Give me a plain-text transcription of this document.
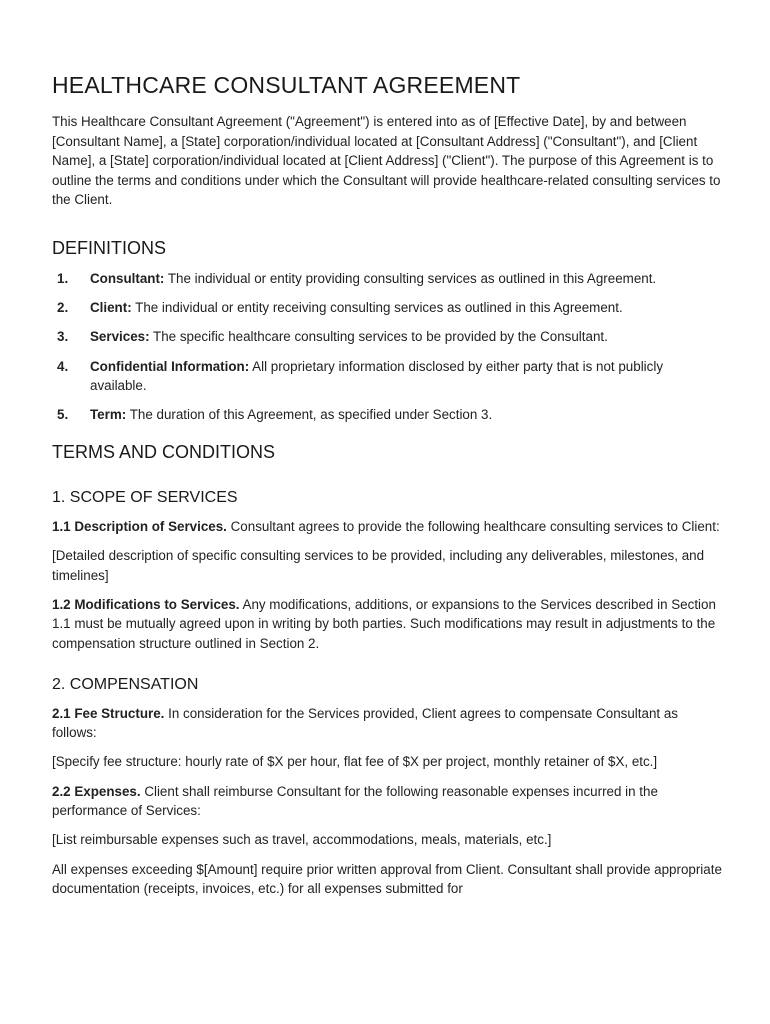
HEALTHCARE CONSULTANT AGREEMENT

This Healthcare Consultant Agreement ("Agreement") is entered into as of [Effective Date], by and between [Consultant Name], a [State] corporation/individual located at [Consultant Address] ("Consultant"), and [Client Name], a [State] corporation/individual located at [Client Address] ("Client"). The purpose of this Agreement is to outline the terms and conditions under which the Consultant will provide healthcare-related consulting services to the Client.

DEFINITIONS
1. Consultant: The individual or entity providing consulting services as outlined in this Agreement.
2. Client: The individual or entity receiving consulting services as outlined in this Agreement.
3. Services: The specific healthcare consulting services to be provided by the Consultant.
4. Confidential Information: All proprietary information disclosed by either party that is not publicly available.
5. Term: The duration of this Agreement, as specified under Section 3.
TERMS AND CONDITIONS
1. SCOPE OF SERVICES

1.1 Description of Services. Consultant agrees to provide the following healthcare consulting services to Client:

[Detailed description of specific consulting services to be provided, including any deliverables, milestones, and timelines]

1.2 Modifications to Services. Any modifications, additions, or expansions to the Services described in Section 1.1 must be mutually agreed upon in writing by both parties. Such modifications may result in adjustments to the compensation structure outlined in Section 2.

2. COMPENSATION

2.1 Fee Structure. In consideration for the Services provided, Client agrees to compensate Consultant as follows:

[Specify fee structure: hourly rate of $X per hour, flat fee of $X per project, monthly retainer of $X, etc.]

2.2 Expenses. Client shall reimburse Consultant for the following reasonable expenses incurred in the performance of Services:

[List reimbursable expenses such as travel, accommodations, meals, materials, etc.]

All expenses exceeding $[Amount] require prior written approval from Client. Consultant shall provide appropriate documentation (receipts, invoices, etc.) for all expenses submitted for
